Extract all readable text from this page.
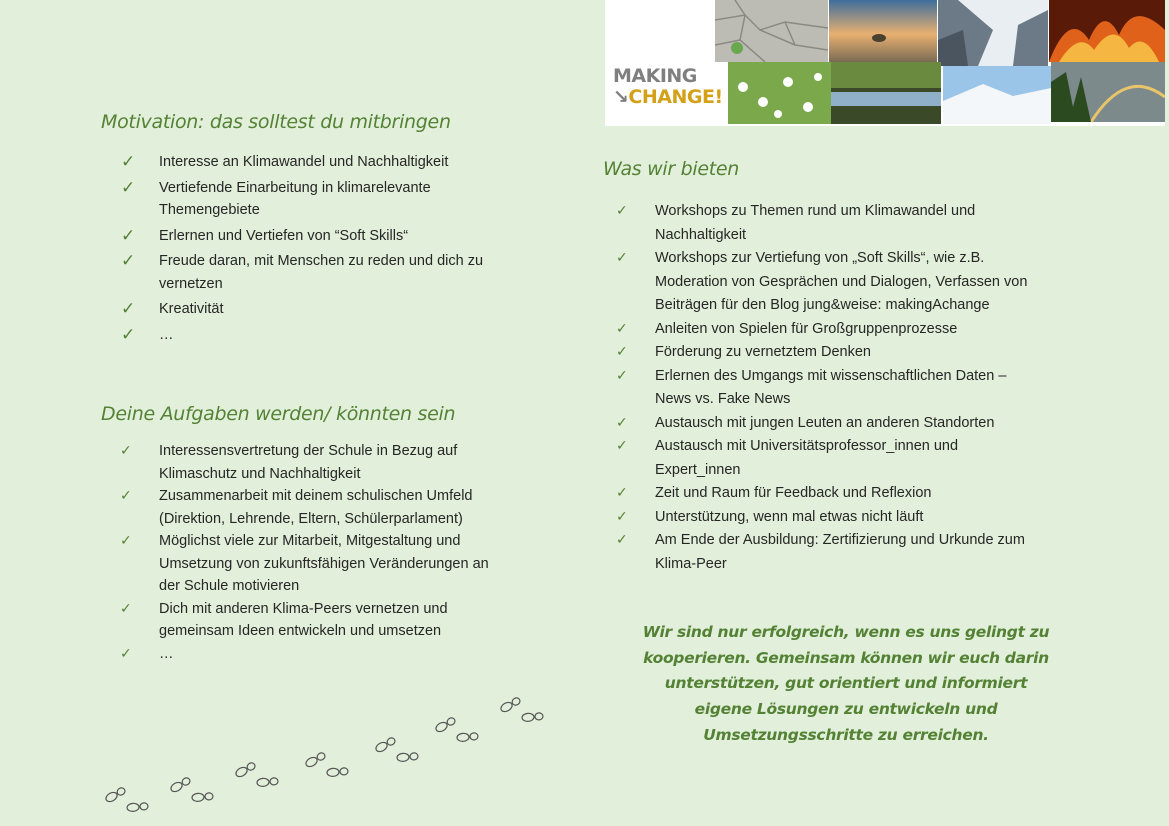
MAKING
↘CHANGE!
Motivation: das solltest du mitbringen
✓ Interesse an Klimawandel und Nachhaltigkeit
✓ Vertiefende Einarbeitung in klimarelevante Themengebiete
✓ Erlernen und Vertiefen von “Soft Skills“
✓ Freude daran, mit Menschen zu reden und dich zu vernetzen
✓ Kreativität
✓ …
Deine Aufgaben werden/ könnten sein
✓ Interessensvertretung der Schule in Bezug auf Klimaschutz und Nachhaltigkeit
✓ Zusammenarbeit mit deinem schulischen Umfeld (Direktion, Lehrende, Eltern, Schülerparlament)
✓ Möglichst viele zur Mitarbeit, Mitgestaltung und Umsetzung von zukunftsfähigen Veränderungen an der Schule motivieren
✓ Dich mit anderen Klima-Peers vernetzen und gemeinsam Ideen entwickeln und umsetzen
✓ …
Was wir bieten
✓ Workshops zu Themen rund um Klimawandel und Nachhaltigkeit
✓ Workshops zur Vertiefung von „Soft Skills“, wie z.B. Moderation von Gesprächen und Dialogen, Verfassen von Beiträgen für den Blog jung&weise: makingAchange
✓ Anleiten von Spielen für Großgruppenprozesse
✓ Förderung zu vernetztem Denken
✓ Erlernen des Umgangs mit wissenschaftlichen Daten – News vs. Fake News
✓ Austausch mit jungen Leuten an anderen Standorten
✓ Austausch mit Universitätsprofessor_innen und Expert_innen
✓ Zeit und Raum für Feedback und Reflexion
✓ Unterstützung, wenn mal etwas nicht läuft
✓ Am Ende der Ausbildung: Zertifizierung und Urkunde zum Klima-Peer
Wir sind nur erfolgreich, wenn es uns gelingt zu kooperieren. Gemeinsam können wir euch darin unterstützen, gut orientiert und informiert eigene Lösungen zu entwickeln und Umsetzungsschritte zu erreichen.
